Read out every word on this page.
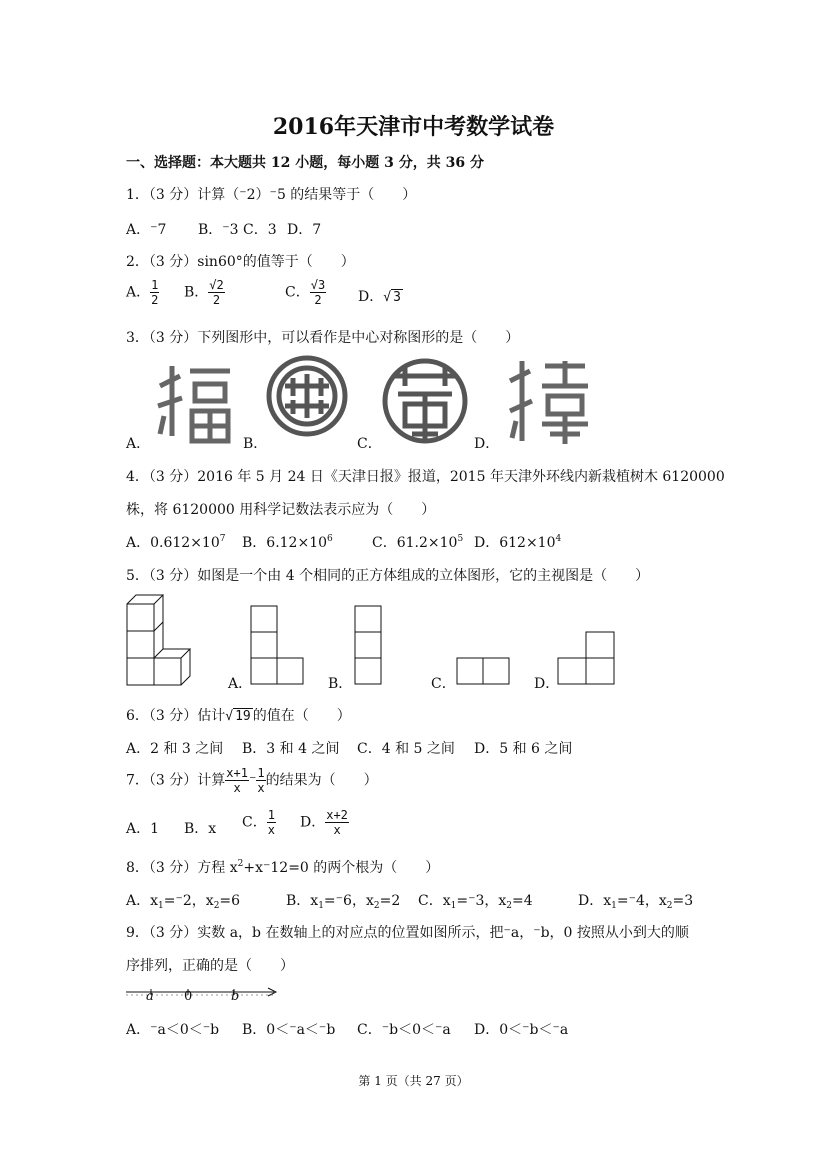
2016年天津市中考数学试卷
一、选择题：本大题共 12 小题，每小题 3 分，共 36 分
1．（3 分）计算（⁻2）⁻5 的结果等于（　　）
A．⁻7 B．⁻3 C．3 D．7
2．（3 分）sin60°的值等于（　　）
A． $\frac{1}{2}$ B． $\frac{√2}{2}$	C． $\frac{√3}{2}$ D．√ 3
3．（3 分）下列图形中，可以看作是中心对称图形的是（　　）
A．	B．	C．	D．
4．（3 分）2016 年 5 月 24 日《天津日报》报道，2015 年天津外环线内新栽植树木 6120000
株，将 6120000 用科学记数法表示应为（　　）
A．$0.612\times 10^7$ B．$6.12\times 10^6$	C．$61.2\times 10^5$ D．$612\times 10^4$
5．（3 分）如图是一个由 4 个相同的正方体组成的立体图形，它的主视图是（　　）
A．	B．	C．	D．
6．（3 分）估计√ 19 的值在（　　）
A．2 和 3 之间 B．3 和 4 之间 C．4 和 5 之间 D．5 和 6 之间
7．（3 分）计算 $\frac{x+1}{x}$ ⁻ $\frac{1}{x}$ 的结果为（　　）
A．1 B．x C． $\frac{1}{x}$ D． $\frac{x+2}{x}$
8．（3 分）方程 $x^2+x^-12=0$ 的两个根为（　　）
A．$x_1=^-2$，$x_2=6$	B．$x_1=^-6$，$x_2=2$ C．$x_1=^-3$，$x_2=4$	D．$x_1=^-4$，$x_2=3$
9．（3 分）实数 a，b 在数轴上的对应点的位置如图所示，把⁻a，⁻b，0 按照从小到大的顺
序排列，正确的是（　　）
a 0	b
A．⁻a＜0＜⁻b B．0＜⁻a＜⁻b C．⁻b＜0＜⁻a D．0＜⁻b＜⁻a
第 1 页（共 27 页）
